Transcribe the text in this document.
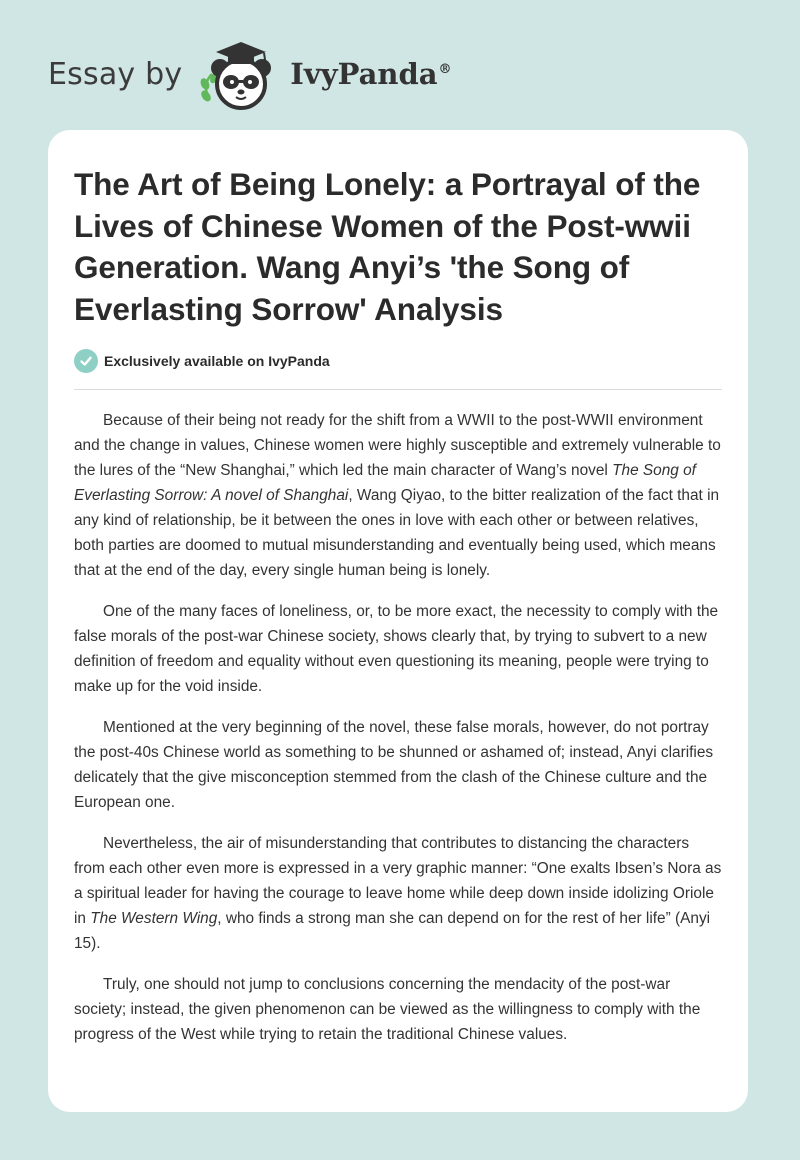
Essay by	IvyPanda®
The Art of Being Lonely: a Portrayal of the Lives of Chinese Women of the Post-wwii Generation. Wang Anyi’s 'the Song of Everlasting Sorrow' Analysis
Exclusively available on IvyPanda

Because of their being not ready for the shift from a WWII to the post-WWII environment and the change in values, Chinese women were highly susceptible and extremely vulnerable to the lures of the “New Shanghai,” which led the main character of Wang’s novel The Song of Everlasting Sorrow: A novel of Shanghai, Wang Qiyao, to the bitter realization of the fact that in any kind of relationship, be it between the ones in love with each other or between relatives, both parties are doomed to mutual misunderstanding and eventually being used, which means that at the end of the day, every single human being is lonely.

One of the many faces of loneliness, or, to be more exact, the necessity to comply with the false morals of the post-war Chinese society, shows clearly that, by trying to subvert to a new definition of freedom and equality without even questioning its meaning, people were trying to make up for the void inside.

Mentioned at the very beginning of the novel, these false morals, however, do not portray the post-40s Chinese world as something to be shunned or ashamed of; instead, Anyi clarifies delicately that the give misconception stemmed from the clash of the Chinese culture and the European one.

Nevertheless, the air of misunderstanding that contributes to distancing the characters from each other even more is expressed in a very graphic manner: “One exalts Ibsen’s Nora as a spiritual leader for having the courage to leave home while deep down inside idolizing Oriole in The Western Wing, who finds a strong man she can depend on for the rest of her life” (Anyi 15).

Truly, one should not jump to conclusions concerning the mendacity of the post-war society; instead, the given phenomenon can be viewed as the willingness to comply with the progress of the West while trying to retain the traditional Chinese values.
